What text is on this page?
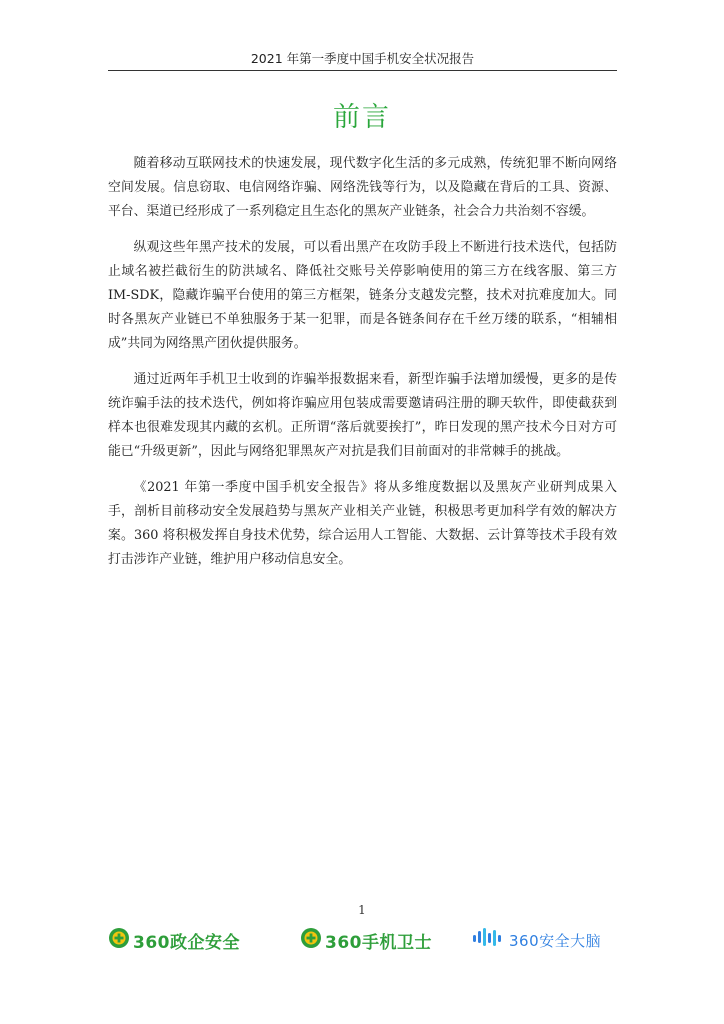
2021 年第一季度中国手机安全状况报告
前言

随着移动互联网技术的快速发展，现代数字化生活的多元成熟，传统犯罪不断向网络空间发展。信息窃取、电信网络诈骗、网络洗钱等行为，以及隐藏在背后的工具、资源、平台、渠道已经形成了一系列稳定且生态化的黑灰产业链条，社会合力共治刻不容缓。

纵观这些年黑产技术的发展，可以看出黑产在攻防手段上不断进行技术迭代，包括防止域名被拦截衍生的防洪域名、降低社交账号关停影响使用的第三方在线客服、第三方 IM-SDK，隐藏诈骗平台使用的第三方框架，链条分支越发完整，技术对抗难度加大。同时各黑灰产业链已不单独服务于某一犯罪，而是各链条间存在千丝万缕的联系，“相辅相成”共同为网络黑产团伙提供服务。

通过近两年手机卫士收到的诈骗举报数据来看，新型诈骗手法增加缓慢，更多的是传统诈骗手法的技术迭代，例如将诈骗应用包装成需要邀请码注册的聊天软件，即使截获到样本也很难发现其内藏的玄机。正所谓“落后就要挨打”，昨日发现的黑产技术今日对方可能已“升级更新”，因此与网络犯罪黑灰产对抗是我们目前面对的非常棘手的挑战。

《2021 年第一季度中国手机安全报告》将从多维度数据以及黑灰产业研判成果入手，剖析目前移动安全发展趋势与黑灰产业相关产业链，积极思考更加科学有效的解决方案。360 将积极发挥自身技术优势，综合运用人工智能、大数据、云计算等技术手段有效打击涉诈产业链，维护用户移动信息安全。

1
360政企安全	360手机卫士	360安全大脑
